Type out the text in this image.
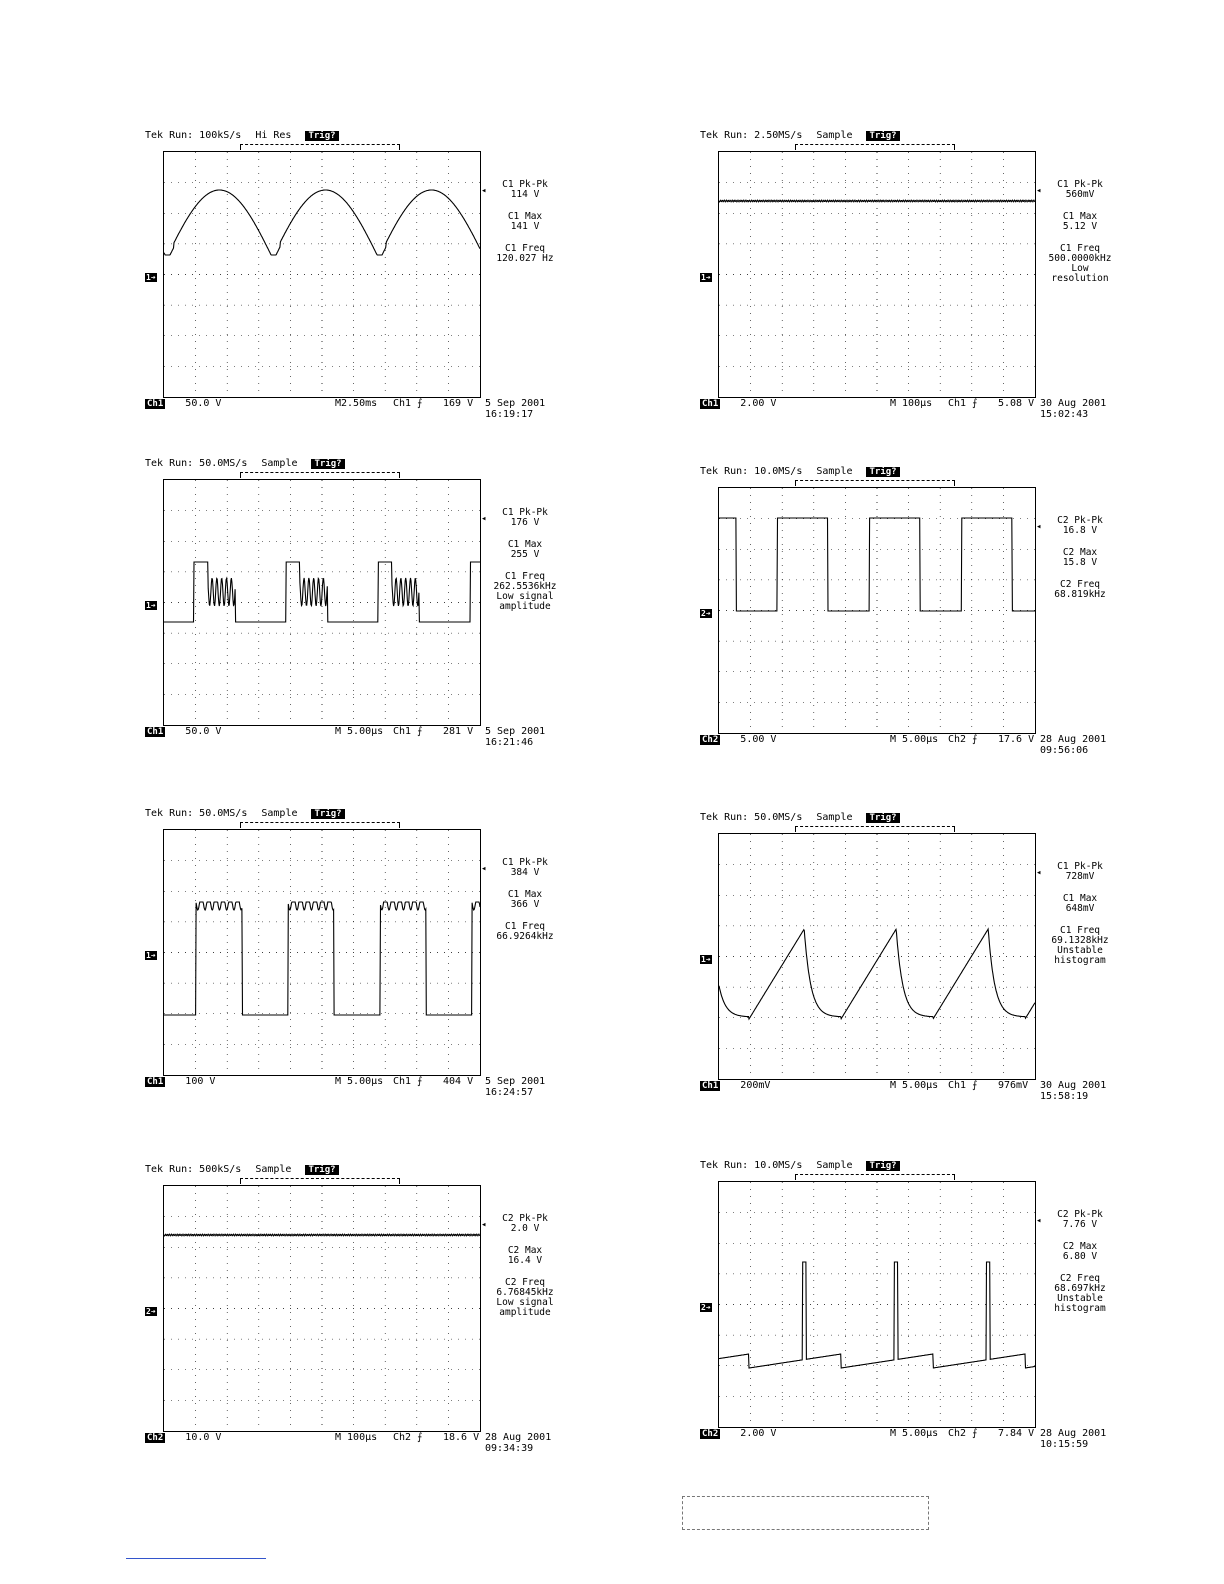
Tek Run: 100kS/s Hi Res Trig?
C1 Pk-Pk
114 V
C1 Max
141 V
C1 Freq
120.027 Hz
Ch1 50.0 V	M2.50ms Ch1 ⨍ 169 V 5 Sep 2001
16:19:17
1➔
◂
Tek Run: 2.50MS/s Sample Trig?
C1 Pk-Pk
560mV
C1 Max
5.12 V
C1 Freq
500.0000kHz
Low
resolution
Ch1 2.00 V	M 100µs Ch1 ⨍ 5.08 V 30 Aug 2001
15:02:43
1➔
◂
Tek Run: 50.0MS/s Sample Trig?
C1 Pk-Pk
176 V
C1 Max
255 V
C1 Freq
262.5536kHz
Low signal
amplitude
Ch1 50.0 V	M 5.00µs Ch1 ⨍ 281 V 5 Sep 2001
16:21:46
1➔
◂
Tek Run: 10.0MS/s Sample Trig?
C2 Pk-Pk
16.8 V
C2 Max
15.8 V
C2 Freq
68.819kHz
Ch2 5.00 V	M 5.00µs Ch2 ⨍ 17.6 V 28 Aug 2001
09:56:06
2➔
◂
Tek Run: 50.0MS/s Sample Trig?
C1 Pk-Pk
384 V
C1 Max
366 V
C1 Freq
66.9264kHz
Ch1 100 V	M 5.00µs Ch1 ⨍ 404 V 5 Sep 2001
16:24:57
1➔
◂
Tek Run: 50.0MS/s Sample Trig?
C1 Pk-Pk
728mV
C1 Max
648mV
C1 Freq
69.1328kHz
Unstable
histogram
Ch1 200mV	M 5.00µs Ch1 ⨍ 976mV 30 Aug 2001
15:58:19
1➔
◂
Tek Run: 500kS/s Sample Trig?
C2 Pk-Pk
2.0 V
C2 Max
16.4 V
C2 Freq
6.76845kHz
Low signal
amplitude
Ch2 10.0 V	M 100µs Ch2 ⨍ 18.6 V 28 Aug 2001
09:34:39
2➔
◂
Tek Run: 10.0MS/s Sample Trig?
C2 Pk-Pk
7.76 V
C2 Max
6.80 V
C2 Freq
68.697kHz
Unstable
histogram
Ch2 2.00 V	M 5.00µs Ch2 ⨍ 7.84 V 28 Aug 2001
10:15:59
2➔
◂
